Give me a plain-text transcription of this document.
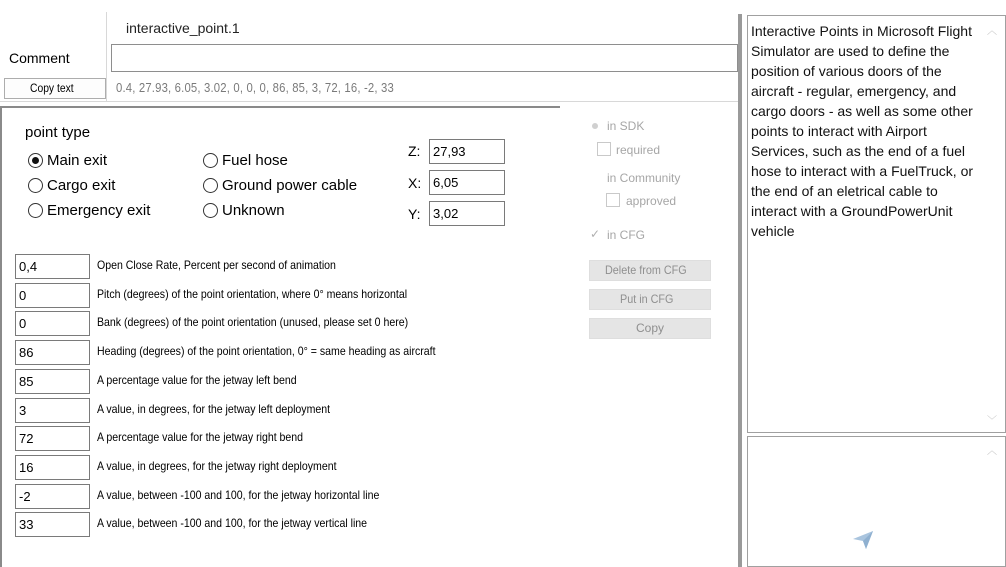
interactive_point.1
Comment
Copy text	0.4, 27.93, 6.05, 3.02, 0, 0, 0, 86, 85, 3, 72, 16, -2, 33
point type
Main exit
Cargo exit
Emergency exit
Fuel hose
Ground power cable
Unknown
Z: 27,93
X: 6,05
Y: 3,02
0,4	Open Close Rate, Percent per second of animation
0	Pitch (degrees) of the point orientation, where 0° means horizontal
0	Bank (degrees) of the point orientation (unused, please set 0 here)
86	Heading (degrees) of the point orientation, 0° = same heading as aircraft
85	A percentage value for the jetway left bend
3	A value, in degrees, for the jetway left deployment
72	A percentage value for the jetway right bend
16	A value, in degrees, for the jetway right deployment
-2	A value, between -100 and 100, for the jetway horizontal line
33	A value, between -100 and 100, for the jetway vertical line
in SDK
required
in Community
approved
✓ in CFG
Delete from CFG
Put in CFG
Copy
Interactive Points in Microsoft Flight Simulator are used to define the position of various doors of the aircraft - regular, emergency, and cargo doors - as well as some other points to interact with Airport Services, such as the end of a fuel hose to interact with a FuelTruck, or the end of an eletrical cable to interact with a GroundPowerUnit vehicle
︿
﹀
︿
